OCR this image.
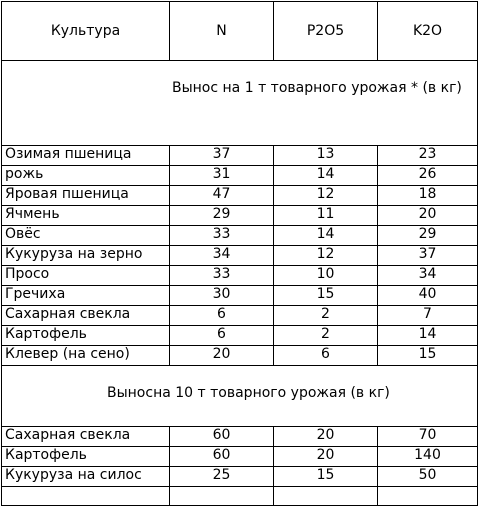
Культура	N	P2O5	K2O
Вынос на 1 т товарного урожая * (в кг)			
Озимая пшеница	37	13	23
рожь	31	14	26
Яровая пшеница	47	12	18
Ячмень	29	11	20
Овёс	33	14	29
Кукуруза на зерно	34	12	37
Просо	33	10	34
Гречиха	30	15	40
Сахарная свекла	6	2	7
Картофель	6	2	14
Клевер (на сено)	20	6	15
Выносна 10 т товарного урожая (в кг)			
Сахарная свекла	60	20	70
Картофель	60	20	140
Кукуруза на силос	25	15	50
